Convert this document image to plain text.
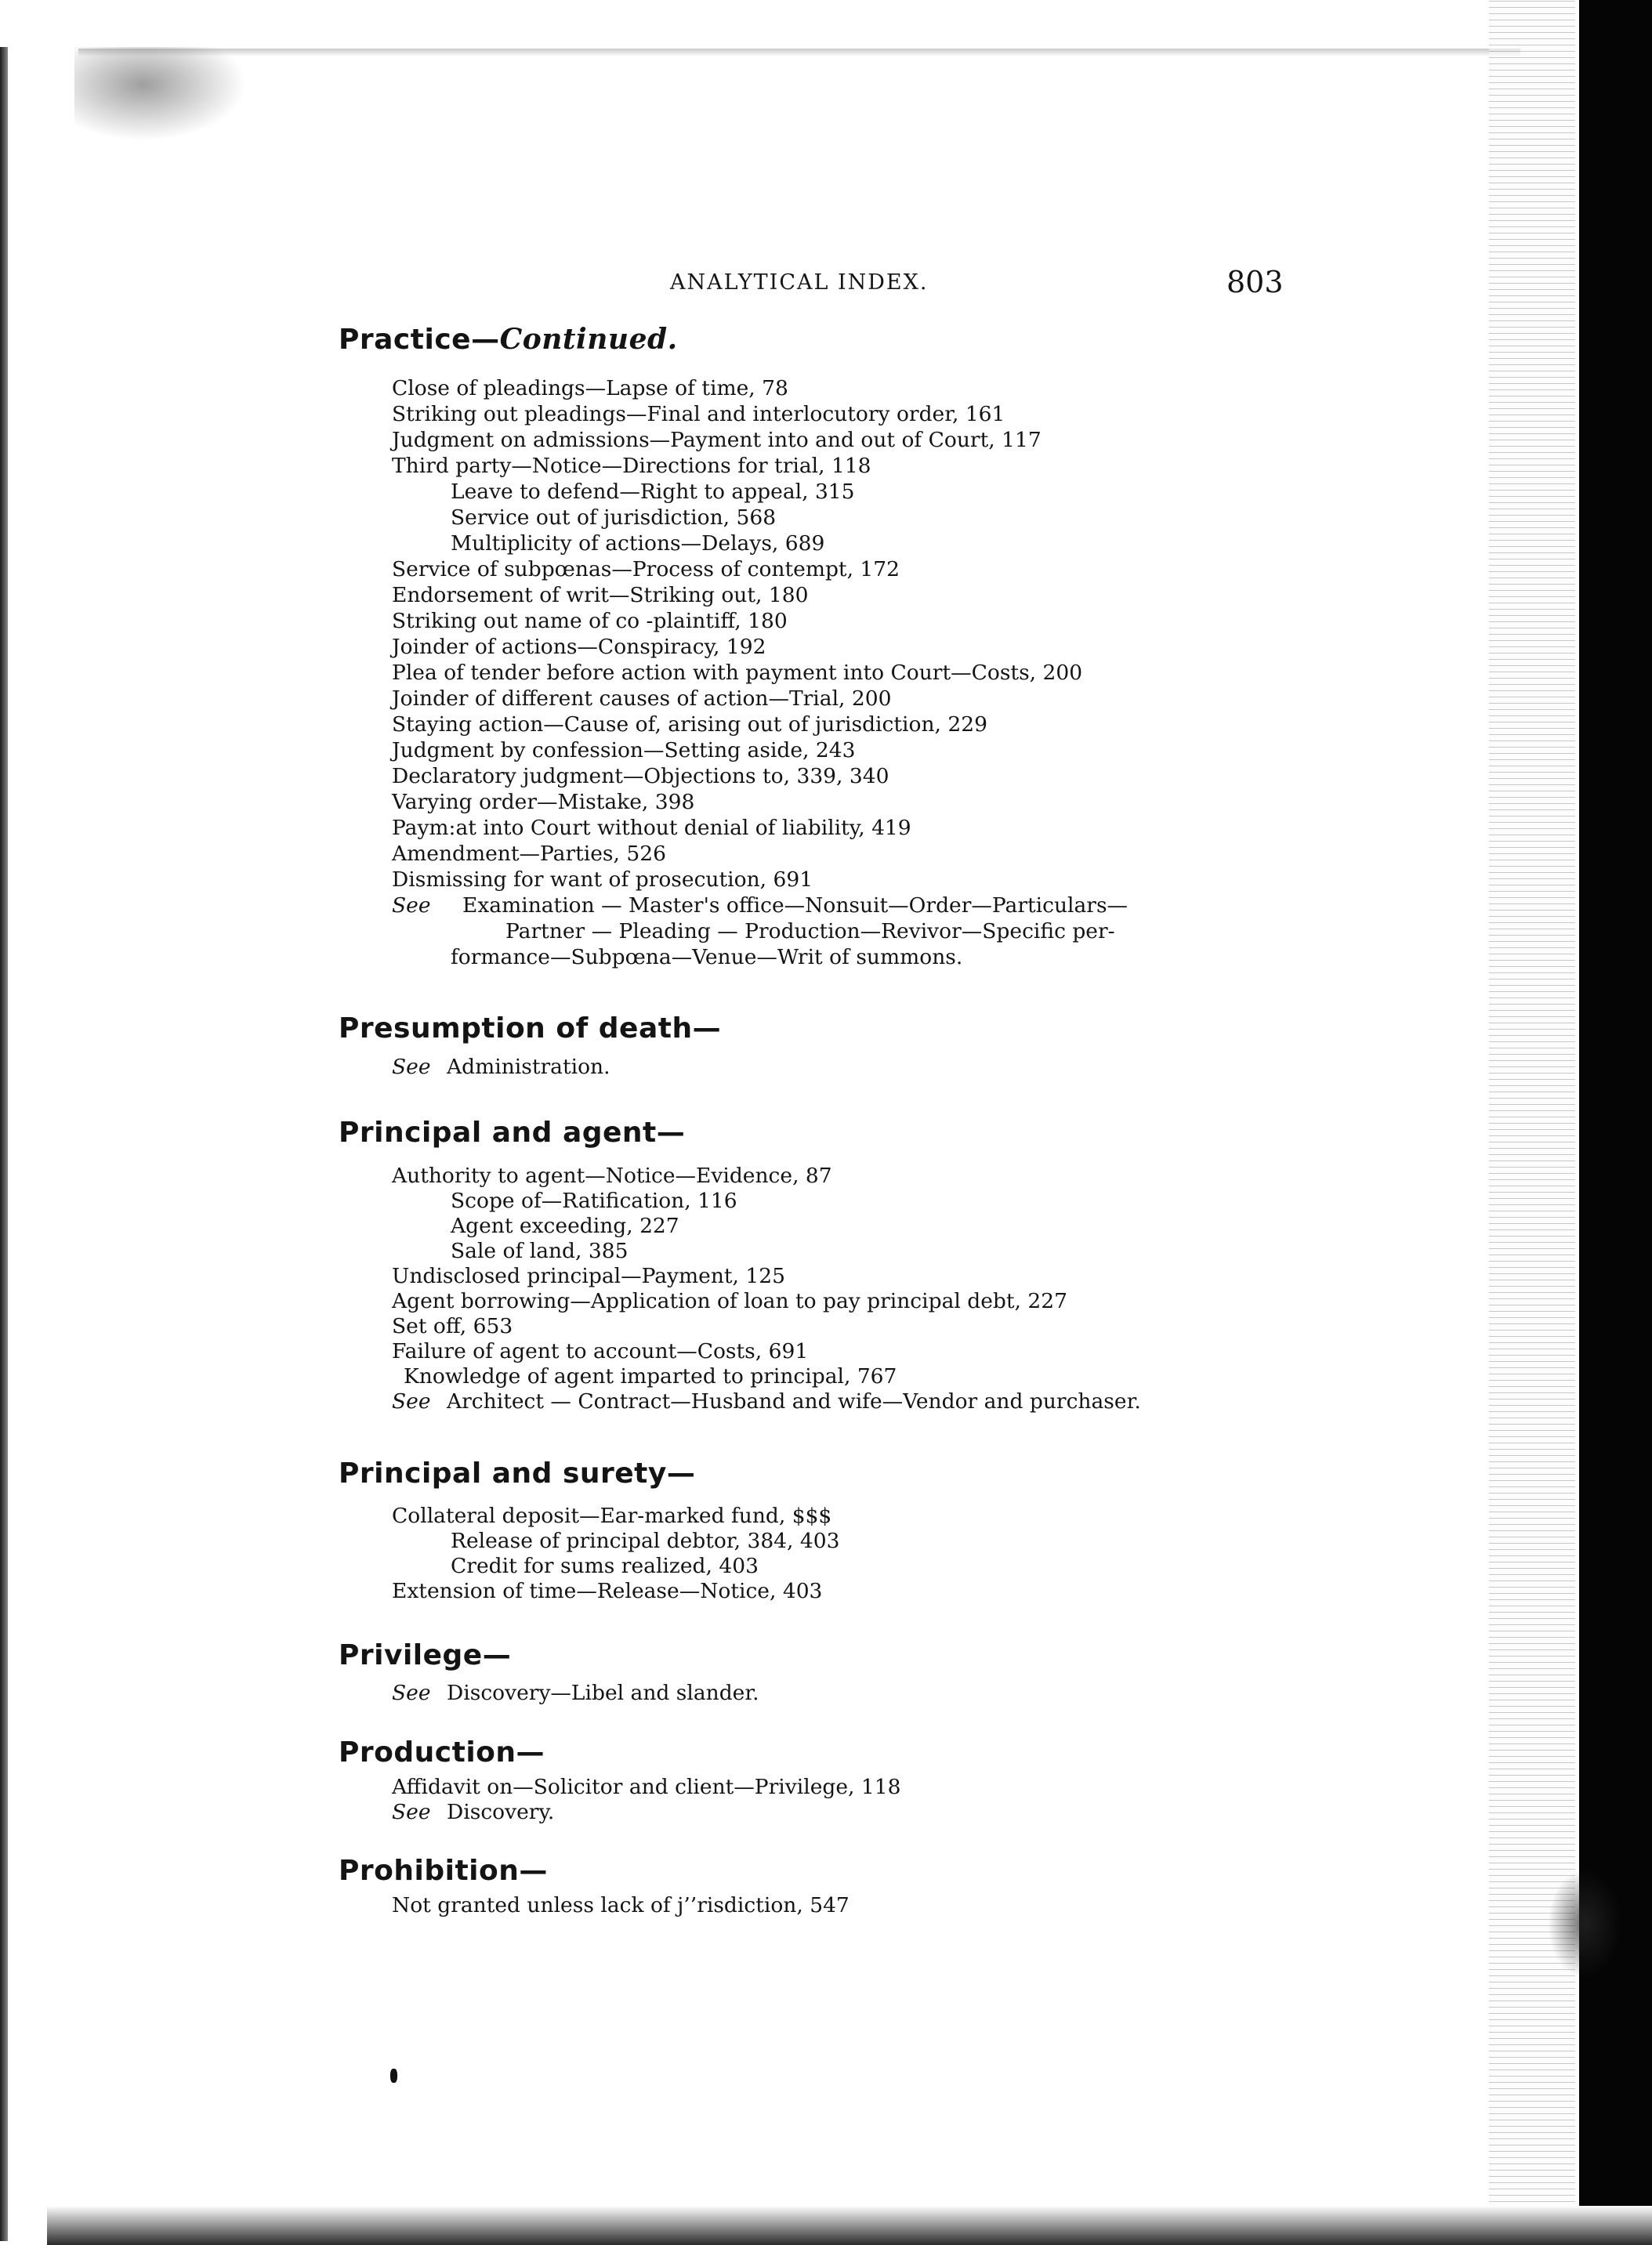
ANALYTICAL INDEX.	803
Practice—Continued.
Close of pleadings—Lapse of time, 78
Striking out pleadings—Final and interlocutory order, 161
Judgment on admissions—Payment into and out of Court, 117
Third party—Notice—Directions for trial, 118
Leave to defend—Right to appeal, 315
Service out of jurisdiction, 568
Multiplicity of actions—Delays, 689
Service of subpœnas—Process of contempt, 172
Endorsement of writ—Striking out, 180
Striking out name of co -plaintiff, 180
Joinder of actions—Conspiracy, 192
Plea of tender before action with payment into Court—Costs, 200
Joinder of different causes of action—Trial, 200
Staying action—Cause of, arising out of jurisdiction, 229
Judgment by confession—Setting aside, 243
Declaratory judgment—Objections to, 339, 340
Varying order—Mistake, 398
Paym:at into Court without denial of liability, 419
Amendment—Parties, 526
Dismissing for want of prosecution, 691
See Examination — Master's office—Nonsuit—Order—Particulars—
Partner — Pleading — Production—Revivor—Specific per-
formance—Subpœna—Venue—Writ of summons.
Presumption of death—
See Administration.
Principal and agent—
Authority to agent—Notice—Evidence, 87
Scope of—Ratification, 116
Agent exceeding, 227
Sale of land, 385
Undisclosed principal—Payment, 125
Agent borrowing—Application of loan to pay principal debt, 227
Set off, 653
Failure of agent to account—Costs, 691
Knowledge of agent imparted to principal, 767
See Architect — Contract—Husband and wife—Vendor and purchaser.
Principal and surety—
Collateral deposit—Ear-marked fund, $$$
Release of principal debtor, 384, 403
Credit for sums realized, 403
Extension of time—Release—Notice, 403
Privilege—
See Discovery—Libel and slander.
Production—
Affidavit on—Solicitor and client—Privilege, 118
See Discovery.
Prohibition—
Not granted unless lack of j’’risdiction, 547
